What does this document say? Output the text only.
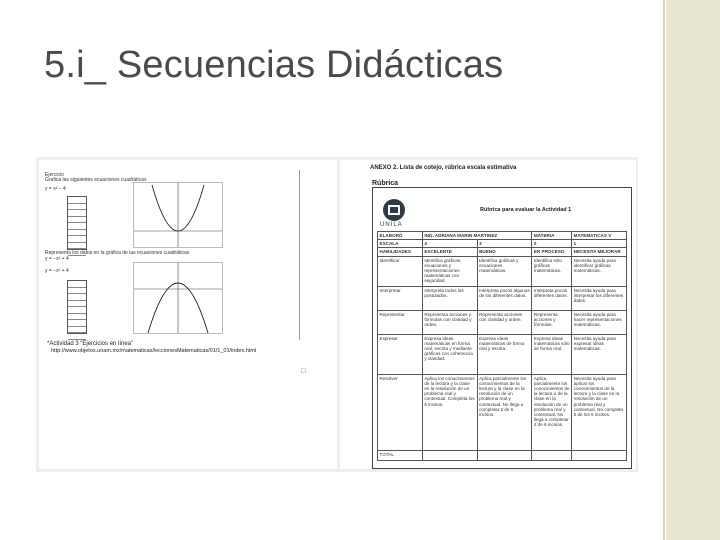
5.i_ Secuencias Didácticas
Ejercicio
Grafica las siguientes ecuaciones cuadráticas
y = x² − 4
Representa los datos en la gráfica de las ecuaciones cuadráticas
y = −x² + 4
y = −x² + 4
*Actividad 3 “Ejercicios en línea”
http://www.objetos.unam.mx/matematicas/leccionesMatematicas/01/1_01/index.html
□
ANEXO 2. Lista de cotejo, rúbrica escala estimativa
Rúbrica
UNILA
Rúbrica para evaluar la Actividad 1
ELABORÓ	ING. ADRIANA MARIN MARTINEZ		MATERIA	MATEMATICAS V
ESCALA	4	3	2	1
HABILIDADES	EXCELENTE	BUENO	EN PROCESO	NECESITA MEJORAR
Identificar	Identifica gráficas, ecuaciones y representaciones matemáticas con seguridad.	Identifica gráficas y ecuaciones matemáticas.	Identifica sólo gráficas matemáticas.	Necesita ayuda para identificar gráficas matemáticas.
Interpretar	Interpreta todos los postulados.	Interpreta pocos algunos de los diferentes datos.	Interpreta pocos diferentes datos.	Necesita ayuda para interpretar los diferentes datos.
Representar	Representa acciones y fórmulas con claridad y orden.	Representa acciones con claridad y orden.	Representa acciones y fórmulas.	Necesita ayuda para hacer representaciones matemáticas.
Expresar	Expresa ideas matemáticas en forma oral, escrita y mediante gráficas con coherencia y claridad.	Expresa ideas matemáticas de forma oral y escrita.	Expresa ideas matemáticas sólo de forma oral.	Necesita ayuda para expresar ideas matemáticas.
Resolver	Aplica los conocimientos de la lectura y la clase en la resolución de un problema real y contextual. Completa los 6 incisos.	Aplica parcialmente los conocimientos de la lectura y la clase en la resolución de un problema real y contextual. No llega a completar 2 de 6 incisos.	Aplica parcialmente los conocimientos de la lectura o de la clase en la resolución de un problema real y contextual. No llega a completar 4 de 6 incisos.	Necesita ayuda para aplicar los conocimientos de la lectura y la clase en la resolución de un problema real y contextual. No completa 5 de los 6 incisos.
TOTAL				
